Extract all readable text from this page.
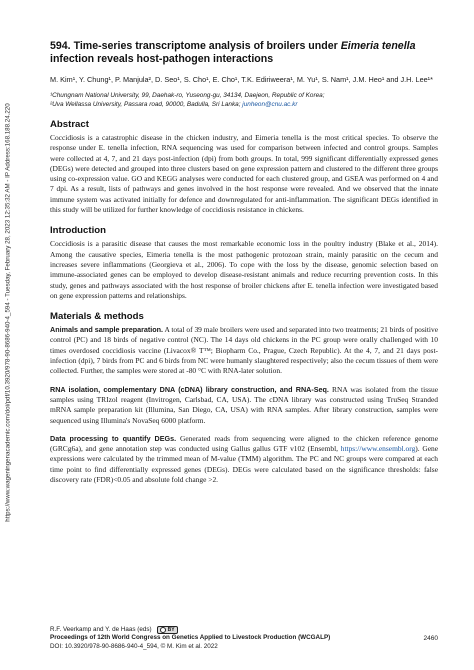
https://www.wageningenacademic.com/doi/pdf/10.3920/978-90-8686-940-4_594 - Tuesday, February 28, 2023 12:35:32 AM - IP Address:168.188.24.220
594. Time-series transcriptome analysis of broilers under Eimeria tenella infection reveals host-pathogen interactions
M. Kim¹, Y. Chung¹, P. Manjula², D. Seo¹, S. Cho¹, E. Cho¹, T.K. Ediriweera¹, M. Yu¹, S. Nam¹, J.M. Heo¹ and J.H. Lee¹*
¹Chungnam National University, 99, Daehak-ro, Yuseong-gu, 34134, Daejeon, Republic of Korea;
²Uva Wellassa University, Passara road, 90000, Badulla, Sri Lanka; junheon@cnu.ac.kr
Abstract

Coccidiosis is a catastrophic disease in the chicken industry, and Eimeria tenella is the most critical species. To observe the response under E. tenella infection, RNA sequencing was used for comparison between infected and control groups. Samples were collected at 4, 7, and 21 days post-infection (dpi) from both groups. In total, 999 significant differentially expressed genes (DEGs) were detected and grouped into three clusters based on gene expression pattern and clustered to the different three groups using co-expression value. GO and KEGG analyses were conducted for each clustered group, and GSEA was performed on 4 and 7 dpi. As a result, lists of pathways and genes involved in the host response were revealed. And we observed that the innate immune system was activated initially for defence and downregulated for anti-inflammation. The significant DEGs identified in this study will be utilized for further knowledge of coccidiosis resistance in chickens.

Introduction

Coccidiosis is a parasitic disease that causes the most remarkable economic loss in the poultry industry (Blake et al., 2014). Among the causative species, Eimeria tenella is the most pathogenic protozoan strain, mainly parasitic on the cecum and increases severe inflammations (Georgieva et al., 2006). To cope with the loss by the disease, genomic selection based on immune-associated genes can be employed to develop disease-resistant animals and reduce recurring prevention costs. In this study, genes and pathways associated with the host response of broiler chickens after E. tenella infection were investigated based on gene expression patterns and relationships.

Materials & methods

Animals and sample preparation. A total of 39 male broilers were used and separated into two treatments; 21 birds of positive control (PC) and 18 birds of negative control (NC). The 14 days old chickens in the PC group were orally challenged with 10 times overdosed coccidiosis vaccine (Livacox® T™; Biopharm Co., Prague, Czech Republic). At the 4, 7, and 21 days post-infection (dpi), 7 birds from PC and 6 birds from NC were humanly slaughtered respectively; also the cecum tissues of them were collected. Further, the samples were stored at -80 °C with RNA-later solution.

RNA isolation, complementary DNA (cDNA) library construction, and RNA-Seq. RNA was isolated from the tissue samples using TRIzol reagent (Invitrogen, Carlsbad, CA, USA). The cDNA library was constructed using TruSeq Stranded mRNA sample preparation kit (Illumina, San Diego, CA, USA) with RNA samples. After library construction, samples were sequenced using Illumina's NovaSeq 6000 platform.

Data processing to quantify DEGs. Generated reads from sequencing were aligned to the chicken reference genome (GRCg6a), and gene annotation step was conducted using Gallus gallus GTF v102 (Ensembl, https://www.ensembl.org). Gene expressions were calculated by the trimmed mean of M-value (TMM) algorithm. The PC and NC groups were compared at each time point to find differentially expressed genes (DEGs). DEGs were calculated based on the significance thresholds: false discovery rate (FDR)<0.05 and absolute fold change >2.

R.F. Veerkamp and Y. de Haas (eds)	BY
Proceedings of 12th World Congress on Genetics Applied to Livestock Production (WCGALP)
DOI: 10.3920/978-90-8686-940-4_594, © M. Kim et al. 2022
2460
